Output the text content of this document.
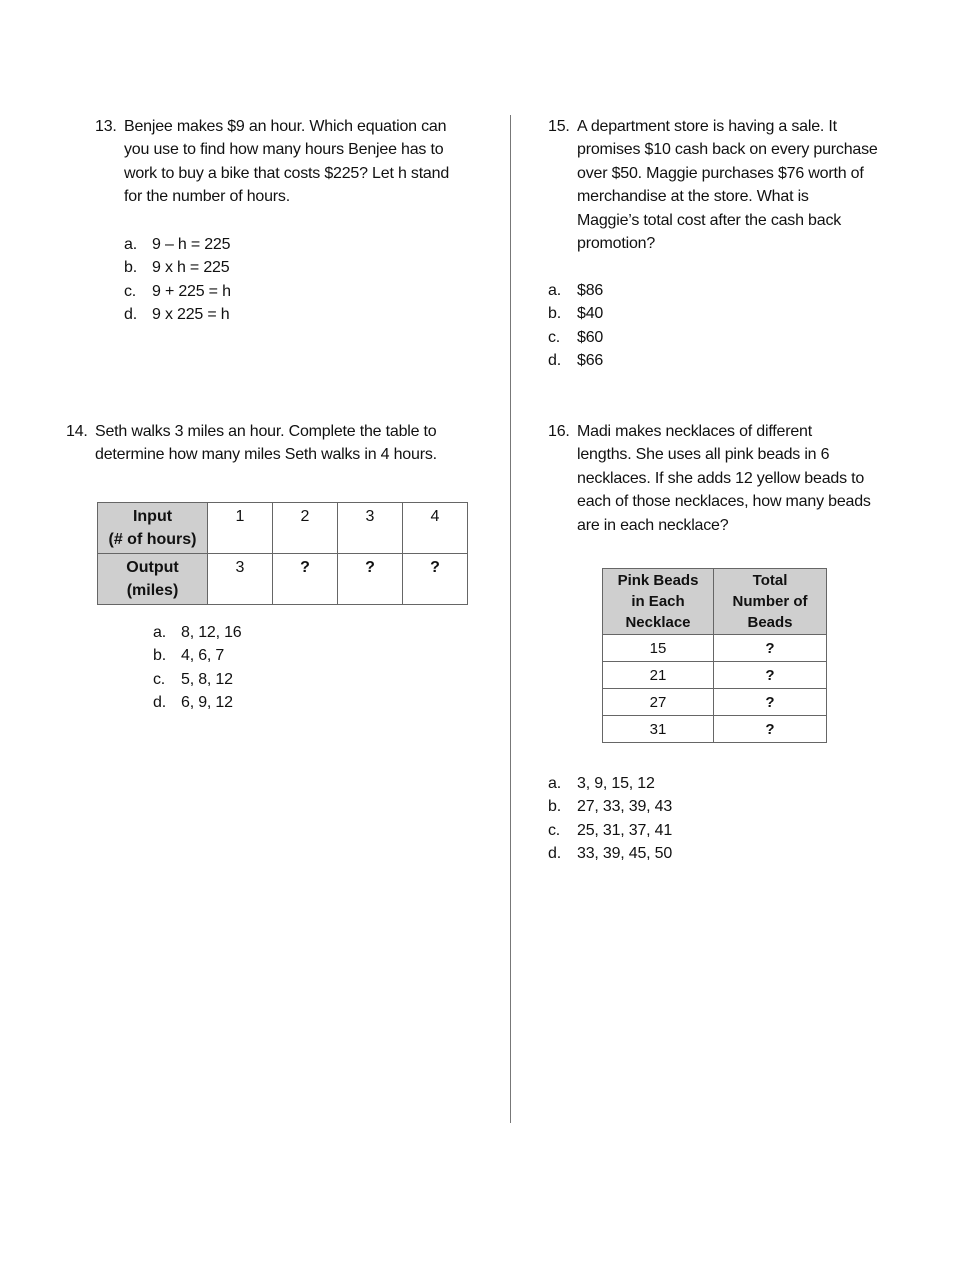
13. Benjee makes $9 an hour. Which equation can
you use to find how many hours Benjee has to
work to buy a bike that costs $225? Let h stand
for the number of hours.
a. 9 – h = 225
b. 9 x h = 225
c. 9 + 225 = h
d. 9 x 225 = h
14. Seth walks 3 miles an hour. Complete the table to
determine how many miles Seth walks in 4 hours.
a. 8, 12, 16
b. 4, 6, 7
c. 5, 8, 12
d. 6, 9, 12
15. A department store is having a sale. It
promises $10 cash back on every purchase
over $50. Maggie purchases $76 worth of
merchandise at the store. What is
Maggie’s total cost after the cash back
promotion?
a. $86
b. $40
c. $60
d. $66
16. Madi makes necklaces of different
lengths. She uses all pink beads in 6
necklaces. If she adds 12 yellow beads to
each of those necklaces, how many beads
are in each necklace?
a. 3, 9, 15, 12
b. 27, 33, 39, 43
c. 25, 31, 37, 41
d. 33, 39, 45, 50
Input
(# of hours)	1	2	3	4
Output
(miles)	3	?	?	?
Pink Beads
in Each
Necklace	Total
Number of
Beads
15	?
21	?
27	?
31	?
